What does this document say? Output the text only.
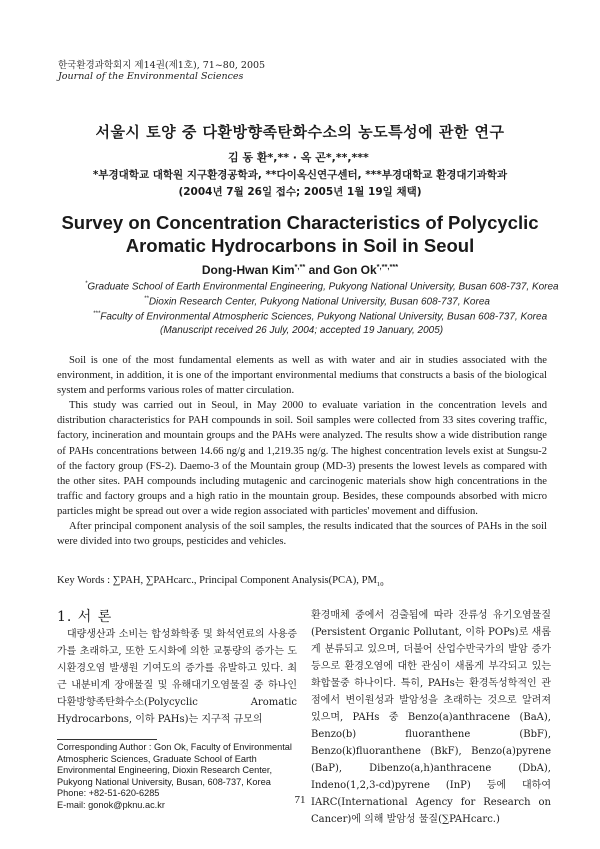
한국환경과학회지 제14권(제1호), 71~80, 2005
Journal of the Environmental Sciences
서울시 토양 중 다환방향족탄화수소의 농도특성에 관한 연구
김 동 환*,** · 옥 곤*,**,***
*부경대학교 대학원 지구환경공학과, **다이옥신연구센터, ***부경대학교 환경대기과학과
(2004년 7월 26일 접수; 2005년 1월 19일 채택)
Survey on Concentration Characteristics of Polycyclic
Aromatic Hydrocarbons in Soil in Seoul
Dong-Hwan Kim*,** and Gon Ok*,**,***
*Graduate School of Earth Environmental Engineering, Pukyong National University, Busan 608-737, Korea
**Dioxin Research Center, Pukyong National University, Busan 608-737, Korea
***Faculty of Environmental Atmospheric Sciences, Pukyong National University, Busan 608-737, Korea
(Manuscript received 26 July, 2004; accepted 19 January, 2005)

Soil is one of the most fundamental elements as well as with water and air in studies associated with the environment, in addition, it is one of the important environmental mediums that constructs a basis of the biological system and performs various roles of matter circulation.

This study was carried out in Seoul, in May 2000 to evaluate variation in the concentration levels and distribution characteristics for PAH compounds in soil. Soil samples were collected from 33 sites covering traffic, factory, incineration and mountain groups and the PAHs were analyzed. The results show a wide distribution range of PAHs concentrations between 14.66 ng/g and 1,219.35 ng/g. The highest concentration levels exist at Sungsu-2 of the factory group (FS-2). Daemo-3 of the Mountain group (MD-3) presents the lowest levels as compared with the other sites. PAH compounds including mutagenic and carcinogenic materials show high concentrations in the traffic and factory groups and a high ratio in the mountain group. Besides, these compounds absorbed with micro particles might be spread out over a wide region associated with particles' movement and diffusion.

After principal component analysis of the soil samples, the results indicated that the sources of PAHs in the soil were divided into two groups, pesticides and vehicles.

Key Words : ∑PAH, ∑PAHcarc., Principal Component Analysis(PCA), $PM_{10}$
1. 서 론

대량생산과 소비는 합성화학종 및 화석연료의 사용증가를 초래하고, 또한 도시화에 의한 교통량의 증가는 도시환경오염 발생원 기여도의 증가를 유발하고 있다. 최근 내분비계 장애물질 및 유해대기오염물질 중 하나인 다환방향족탄화수소(Polycyclic Aromatic Hydrocarbons, 이하 PAHs)는 지구적 규모의

환경매체 중에서 검출됨에 따라 잔류성 유기오염물질(Persistent Organic Pollutant, 이하 POPs)로 새롭게 분류되고 있으며, 더불어 산업수반국가의 발암 증가 등으로 환경오염에 대한 관심이 새롭게 부각되고 있는 화합물중 하나이다. 특히, PAHs는 환경독성학적인 관점에서 변이원성과 발암성을 초래하는 것으로 알려져 있으며, PAHs 중 Benzo(a)anthracene (BaA), Benzo(b) fluoranthene (BbF), Benzo(k)fluoranthene (BkF), Benzo(a)pyrene (BaP), Dibenzo(a,h)anthracene (DbA), Indeno(1,2,3-cd)pyrene (InP) 등에 대하여 IARC(International Agency for Research on Cancer)에 의해 발암성 물질(∑PAHcarc.)

Corresponding Author : Gon Ok, Faculty of Environmental Atmospheric Sciences, Graduate School of Earth Environmental Engineering, Dioxin Research Center, Pukyong National University, Busan, 608-737, Korea
Phone: +82-51-620-6285
E-mail: gonok@pknu.ac.kr	71
